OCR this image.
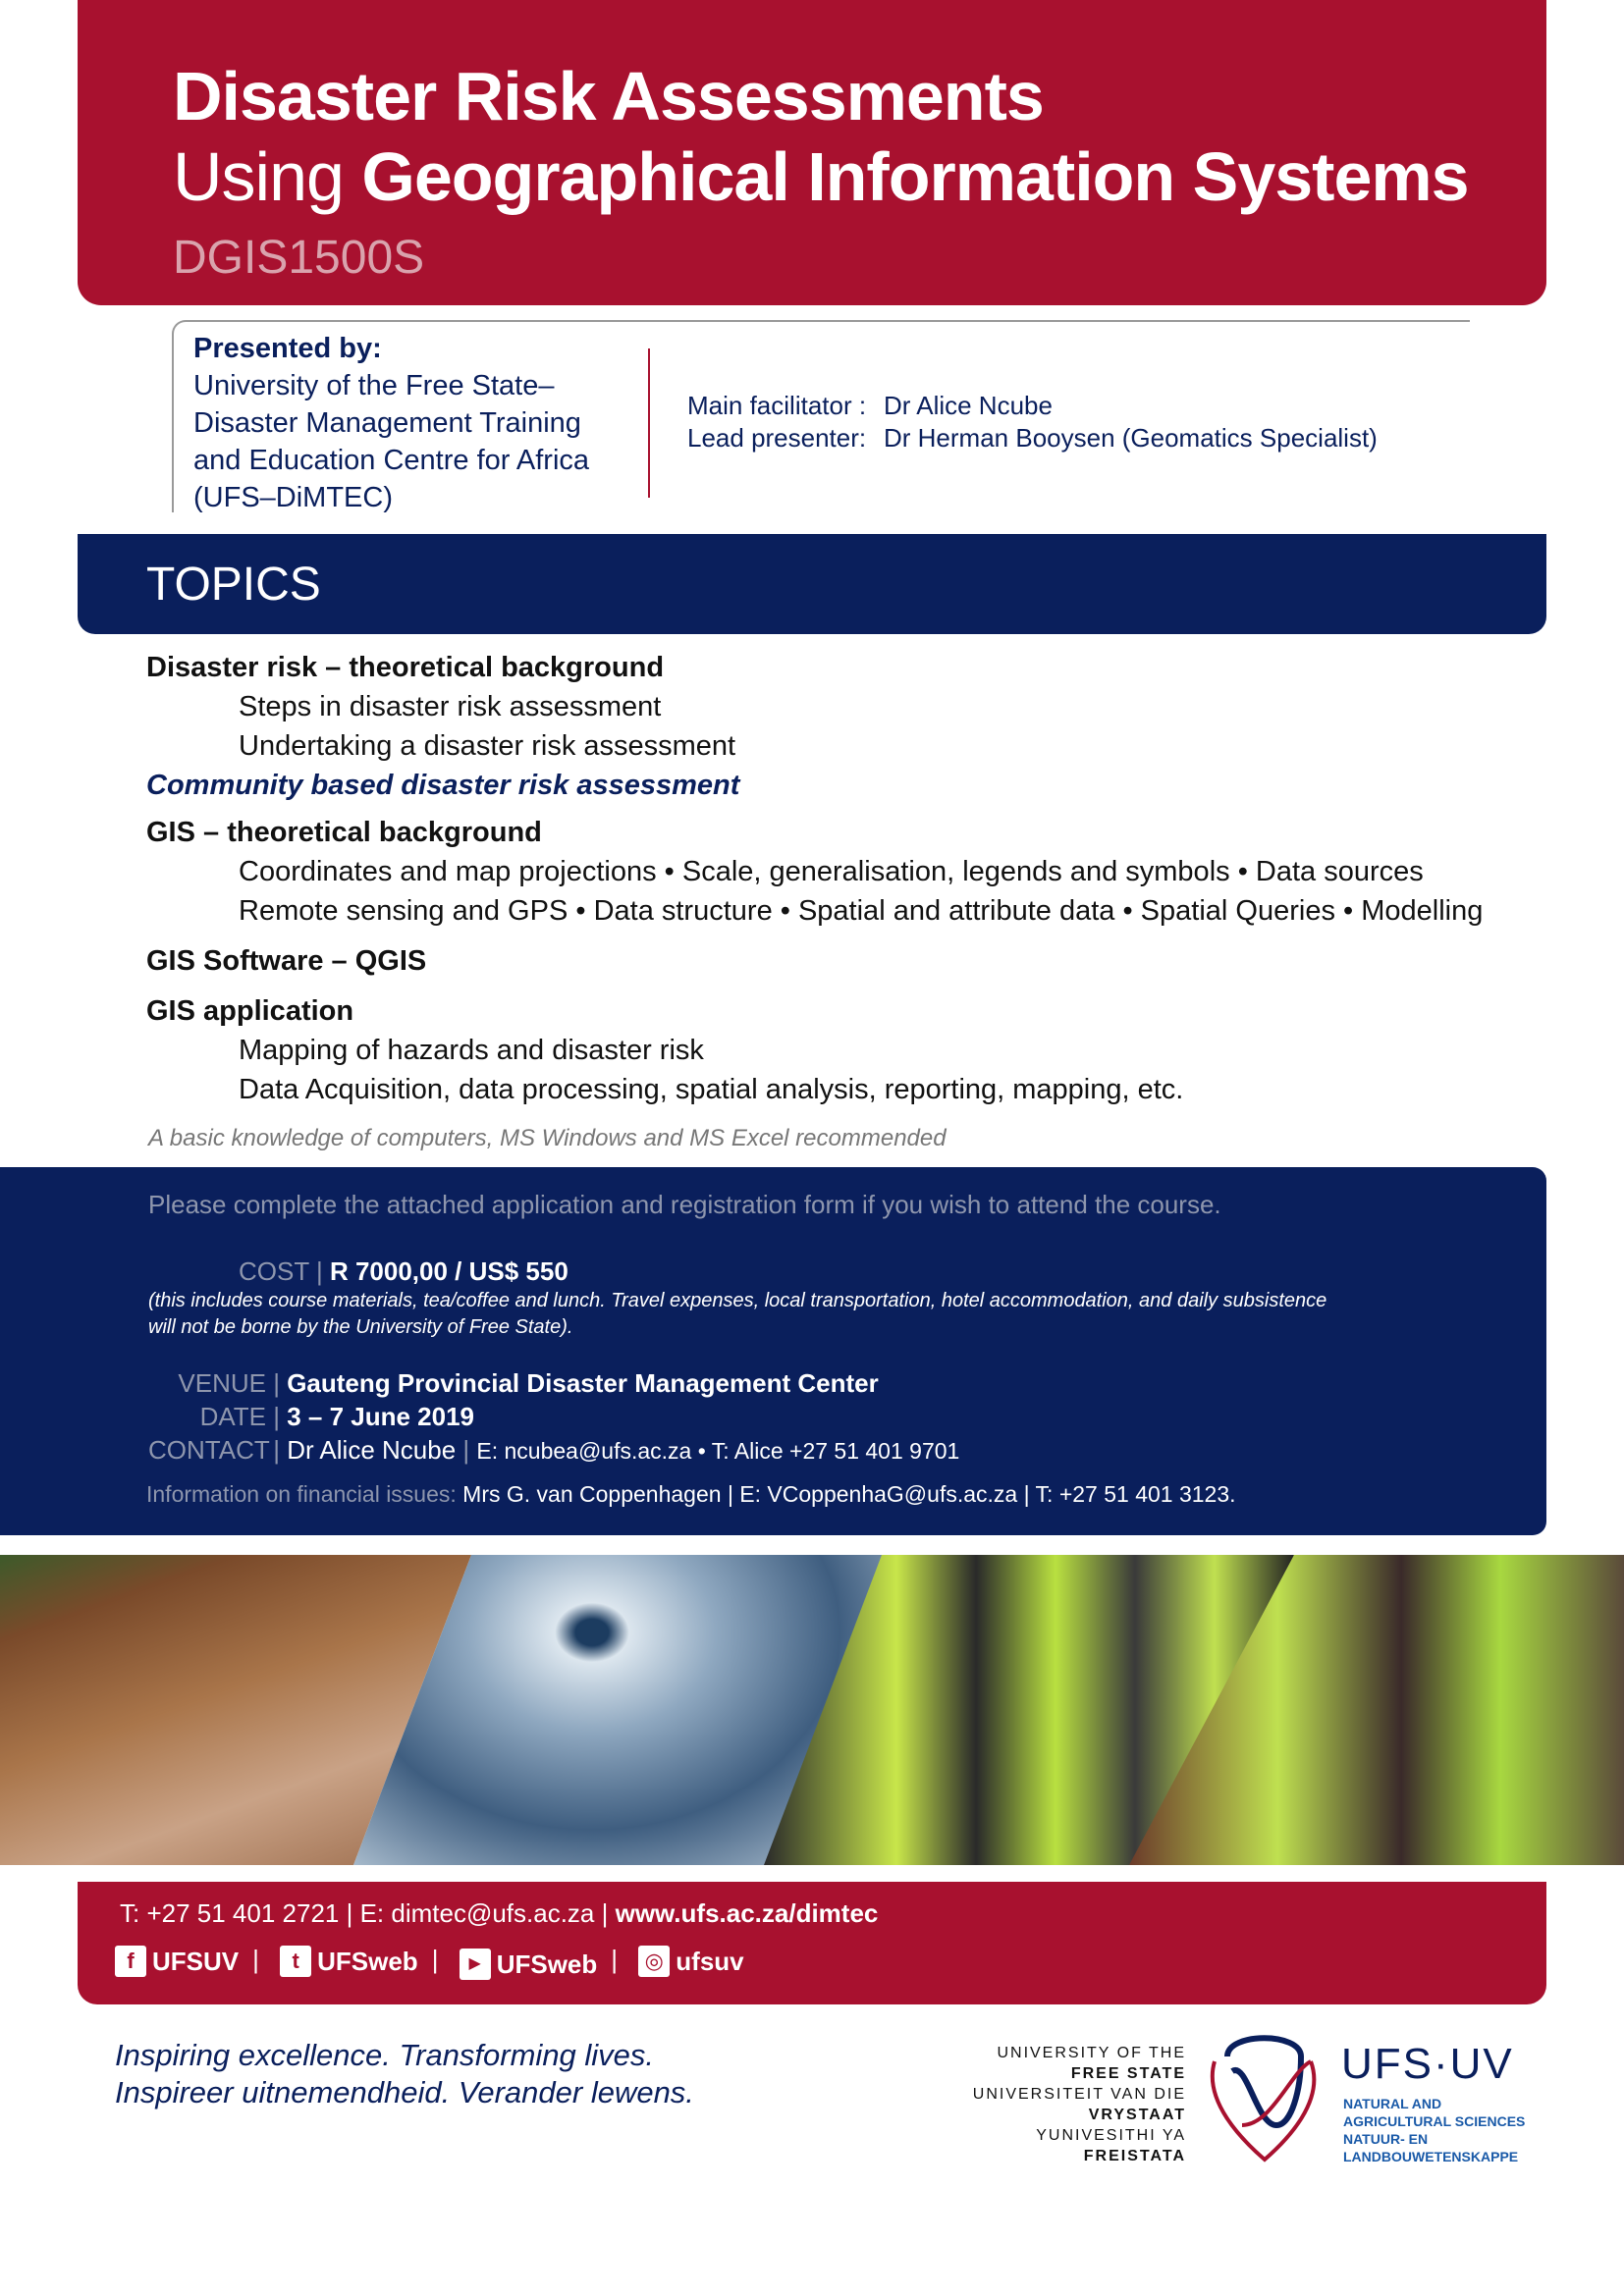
Disaster Risk Assessments
Using Geographical Information Systems
DGIS1500S
Presented by:
University of the Free State–
Disaster Management Training
and Education Centre for Africa
(UFS–DiMTEC)
Main facilitator : Dr Alice Ncube
Lead presenter: Dr Herman Booysen (Geomatics Specialist)
TOPICS
Disaster risk – theoretical background
Steps in disaster risk assessment
Undertaking a disaster risk assessment
Community based disaster risk assessment
GIS – theoretical background
Coordinates and map projections • Scale, generalisation, legends and symbols • Data sources
Remote sensing and GPS • Data structure • Spatial and attribute data • Spatial Queries • Modelling
GIS Software – QGIS
GIS application
Mapping of hazards and disaster risk
Data Acquisition, data processing, spatial analysis, reporting, mapping, etc.
A basic knowledge of computers, MS Windows and MS Excel recommended
Please complete the attached application and registration form if you wish to attend the course.
COST | R 7000,00 / US$ 550
(this includes course materials, tea/coffee and lunch. Travel expenses, local transportation, hotel accommodation, and daily subsistence
will not be borne by the University of Free State).
VENUE | Gauteng Provincial Disaster Management Center
DATE | 3 – 7 June 2019
CONTACT | Dr Alice Ncube | E: ncubea@ufs.ac.za • T: Alice +27 51 401 9701
Information on financial issues: Mrs G. van Coppenhagen | E: VCoppenhaG@ufs.ac.za | T: +27 51 401 3123.
T: +27 51 401 2721 | E: dimtec@ufs.ac.za | www.ufs.ac.za/dimtec
f UFSUV |	t UFSweb |	▶ UFSweb | ◎ ufsuv
Inspiring excellence. Transforming lives.
Inspireer uitnemendheid. Verander lewens.
UNIVERSITY OF THE
FREE STATE
UNIVERSITEIT VAN DIE
VRYSTAAT
YUNIVESITHI YA
FREISTATA
UFS·UV
NATURAL AND
AGRICULTURAL SCIENCES
NATUUR- EN
LANDBOUWETENSKAPPE
